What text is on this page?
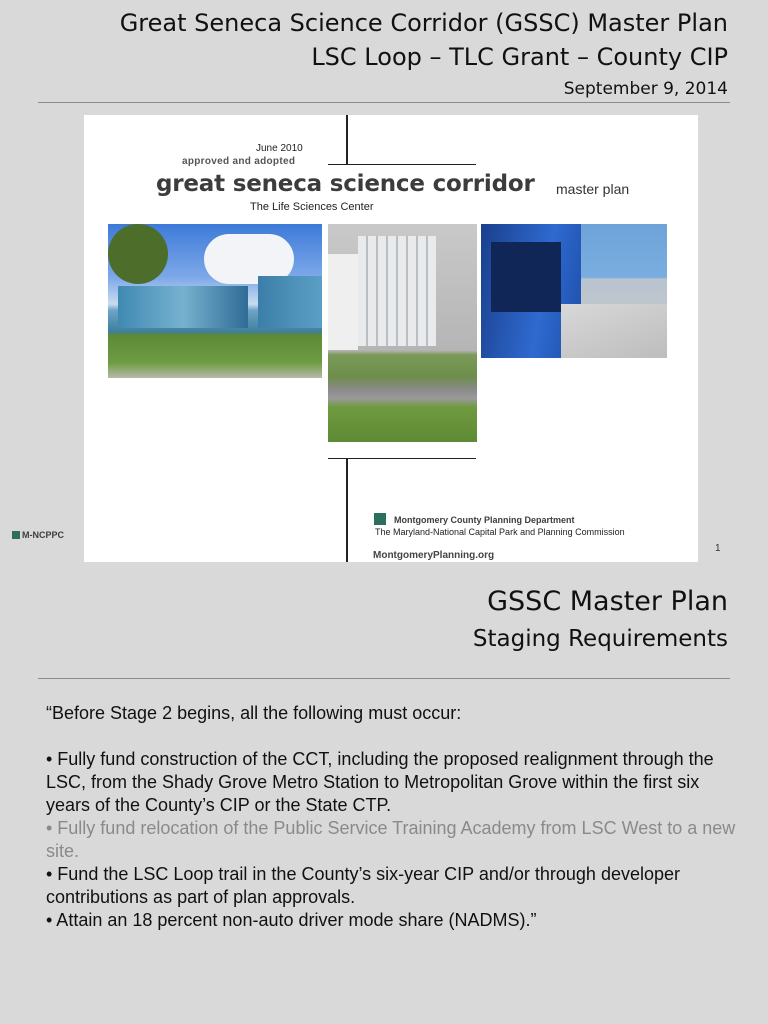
Great Seneca Science Corridor (GSSC) Master Plan
LSC Loop – TLC Grant – County CIP
September 9, 2014
June 2010
approved and adopted
great seneca science corridor master plan
The Life Sciences Center
Montgomery County Planning Department
The Maryland-National Capital Park and Planning Commission
MontgomeryPlanning.org
M-NCPPC
1
GSSC Master Plan
Staging Requirements

“Before Stage 2 begins, all the following must occur:

• Fully fund construction of the CCT, including the proposed realignment through the LSC, from the Shady Grove Metro Station to Metropolitan Grove within the first six years of the County’s CIP or the State CTP.

• Fully fund relocation of the Public Service Training Academy from LSC West to a new site.

• Fund the LSC Loop trail in the County’s six-year CIP and/or through developer contributions as part of plan approvals.

• Attain an 18 percent non-auto driver mode share (NADMS).”
